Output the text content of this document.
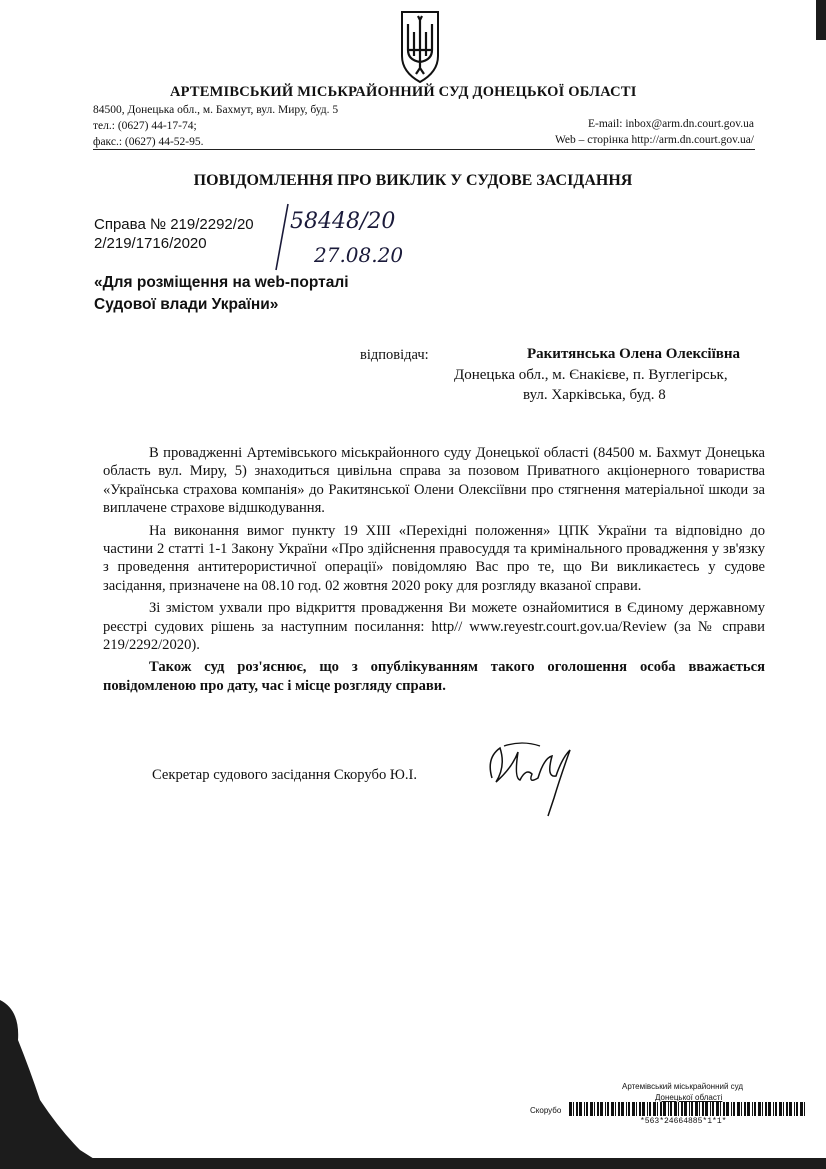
АРТЕМІВСЬКИЙ МІСЬКРАЙОННИЙ СУД ДОНЕЦЬКОЇ ОБЛАСТІ
84500, Донецька обл., м. Бахмут, вул. Миру, буд. 5
тел.: (0627) 44-17-74;
факс.: (0627) 44-52-95.
E-mail: inbox@arm.dn.court.gov.ua
Web – сторінка http://arm.dn.court.gov.ua/
ПОВІДОМЛЕННЯ ПРО ВИКЛИК У СУДОВЕ ЗАСІДАННЯ
Справа № 219/2292/20
2/219/1716/2020
58448/20
27.08.20
«Для розміщення на web-порталі
Судової влади України»
відповідач:	Ракитянська Олена Олексіївна
Донецька обл., м. Єнакієве, п. Вуглегірськ,
вул. Харківська, буд. 8

В провадженні Артемівського міськрайонного суду Донецької області (84500 м. Бахмут Донецька область вул. Миру, 5) знаходиться цивільна справа за позовом Приватного акціонерного товариства «Українська страхова компанія» до Ракитянської Олени Олексіївни про стягнення матеріальної шкоди за виплачене страхове відшкодування.

На виконання вимог пункту 19 XIII «Перехідні положення» ЦПК України та відповідно до частини 2 статті 1-1 Закону України «Про здійснення правосуддя та кримінального провадження у зв'язку з проведення антитерористичної операції» повідомляю Вас про те, що Ви викликаєтесь у судове засідання, призначене на 08.10 год. 02 жовтня 2020 року для розгляду вказаної справи.

Зі змістом ухвали про відкриття провадження Ви можете ознайомитися в Єдиному державному реєстрі судових рішень за наступним посилання: http// www.reyestr.court.gov.ua/Review (за № справи 219/2292/2020).

Також суд роз'яснює, що з опублікуванням такого оголошення особа вважається повідомленою про дату, час і місце розгляду справи.

Секретар судового засідання Скорубо Ю.І.
Артемівський міськрайонний суд
Донецької області
Скорубо
*563*24664885*1*1*
